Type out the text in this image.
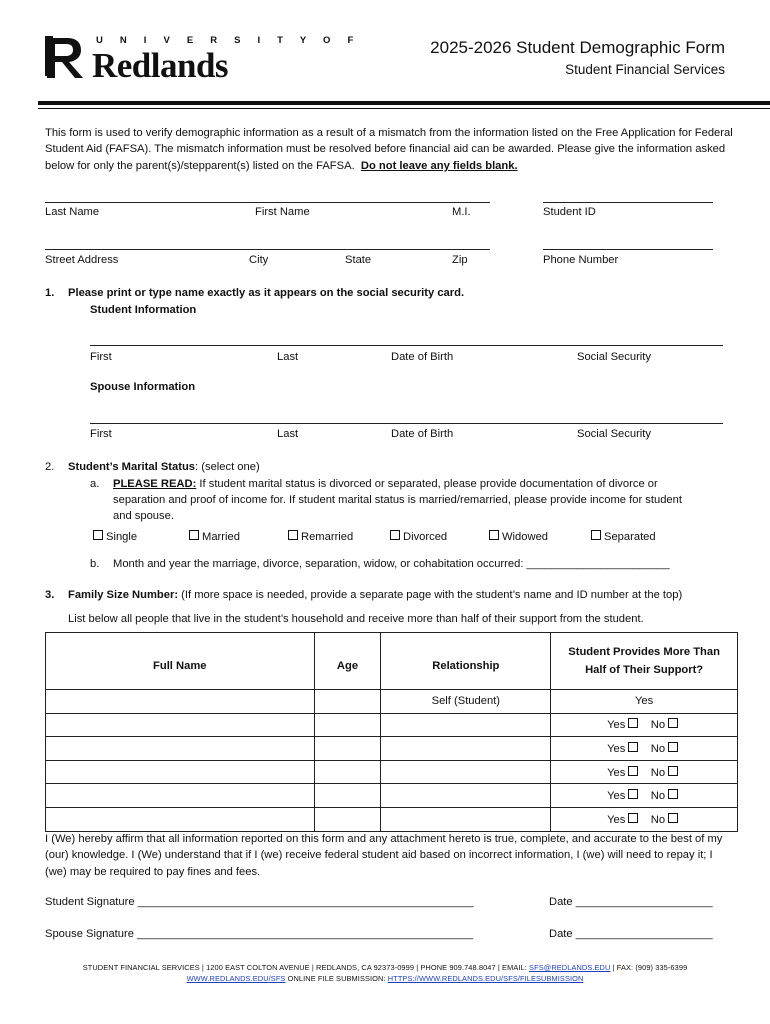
U N I V E R S I T Y O F
Redlands	2025-2026 Student Demographic Form
Student Financial Services
This form is used to verify demographic information as a result of a mismatch from the information listed on the Free Application for Federal Student Aid (FAFSA). The mismatch information must be resolved before financial aid can be awarded. Please give the information asked below for only the parent(s)/stepparent(s) listed on the FAFSA. Do not leave any fields blank.
Last Name	First Name	M.I.	Student ID
Street Address	City	State	Zip	Phone Number
1. Please print or type name exactly as it appears on the social security card.
Student Information
First	Last	Date of Birth	Social Security
Spouse Information
First	Last	Date of Birth	Social Security
2. Student’s Marital Status: (select one)
a. PLEASE READ: If student marital status is divorced or separated, please provide documentation of divorce or
separation and proof of income for. If student marital status is married/remarried, please provide income for student
and spouse.
Single	Married	Remarried	Divorced	Widowed	Separated
b. Month and year the marriage, divorce, separation, widow, or cohabitation occurred: _______________________
3. Family Size Number: (If more space is needed, provide a separate page with the student’s name and ID number at the top)
List below all people that live in the student’s household and receive more than half of their support from the student.
Full Name	Age	Relationship	Student Provides More Than
Half of Their Support?
		Self (Student)	Yes
			Yes No
			Yes No
			Yes No
			Yes No
			Yes No
I (We) hereby affirm that all information reported on this form and any attachment hereto is true, complete, and accurate to the best of my (our) knowledge. I (We) understand that if I (we) receive federal student aid based on incorrect information, I (we) will need to repay it; I (we) may be required to pay fines and fees.
Student Signature ______________________________________________________	Date ______________________
Spouse Signature ______________________________________________________	Date ______________________
STUDENT FINANCIAL SERVICES | 1200 EAST COLTON AVENUE | REDLANDS, CA 92373-0999 | PHONE 909.748.8047 | EMAIL: SFS@REDLANDS.EDU | FAX: (909) 335-6399
WWW.REDLANDS.EDU/SFS ONLINE FILE SUBMISSION: HTTPS://WWW.REDLANDS.EDU/SFS/FILESUBMISSION
